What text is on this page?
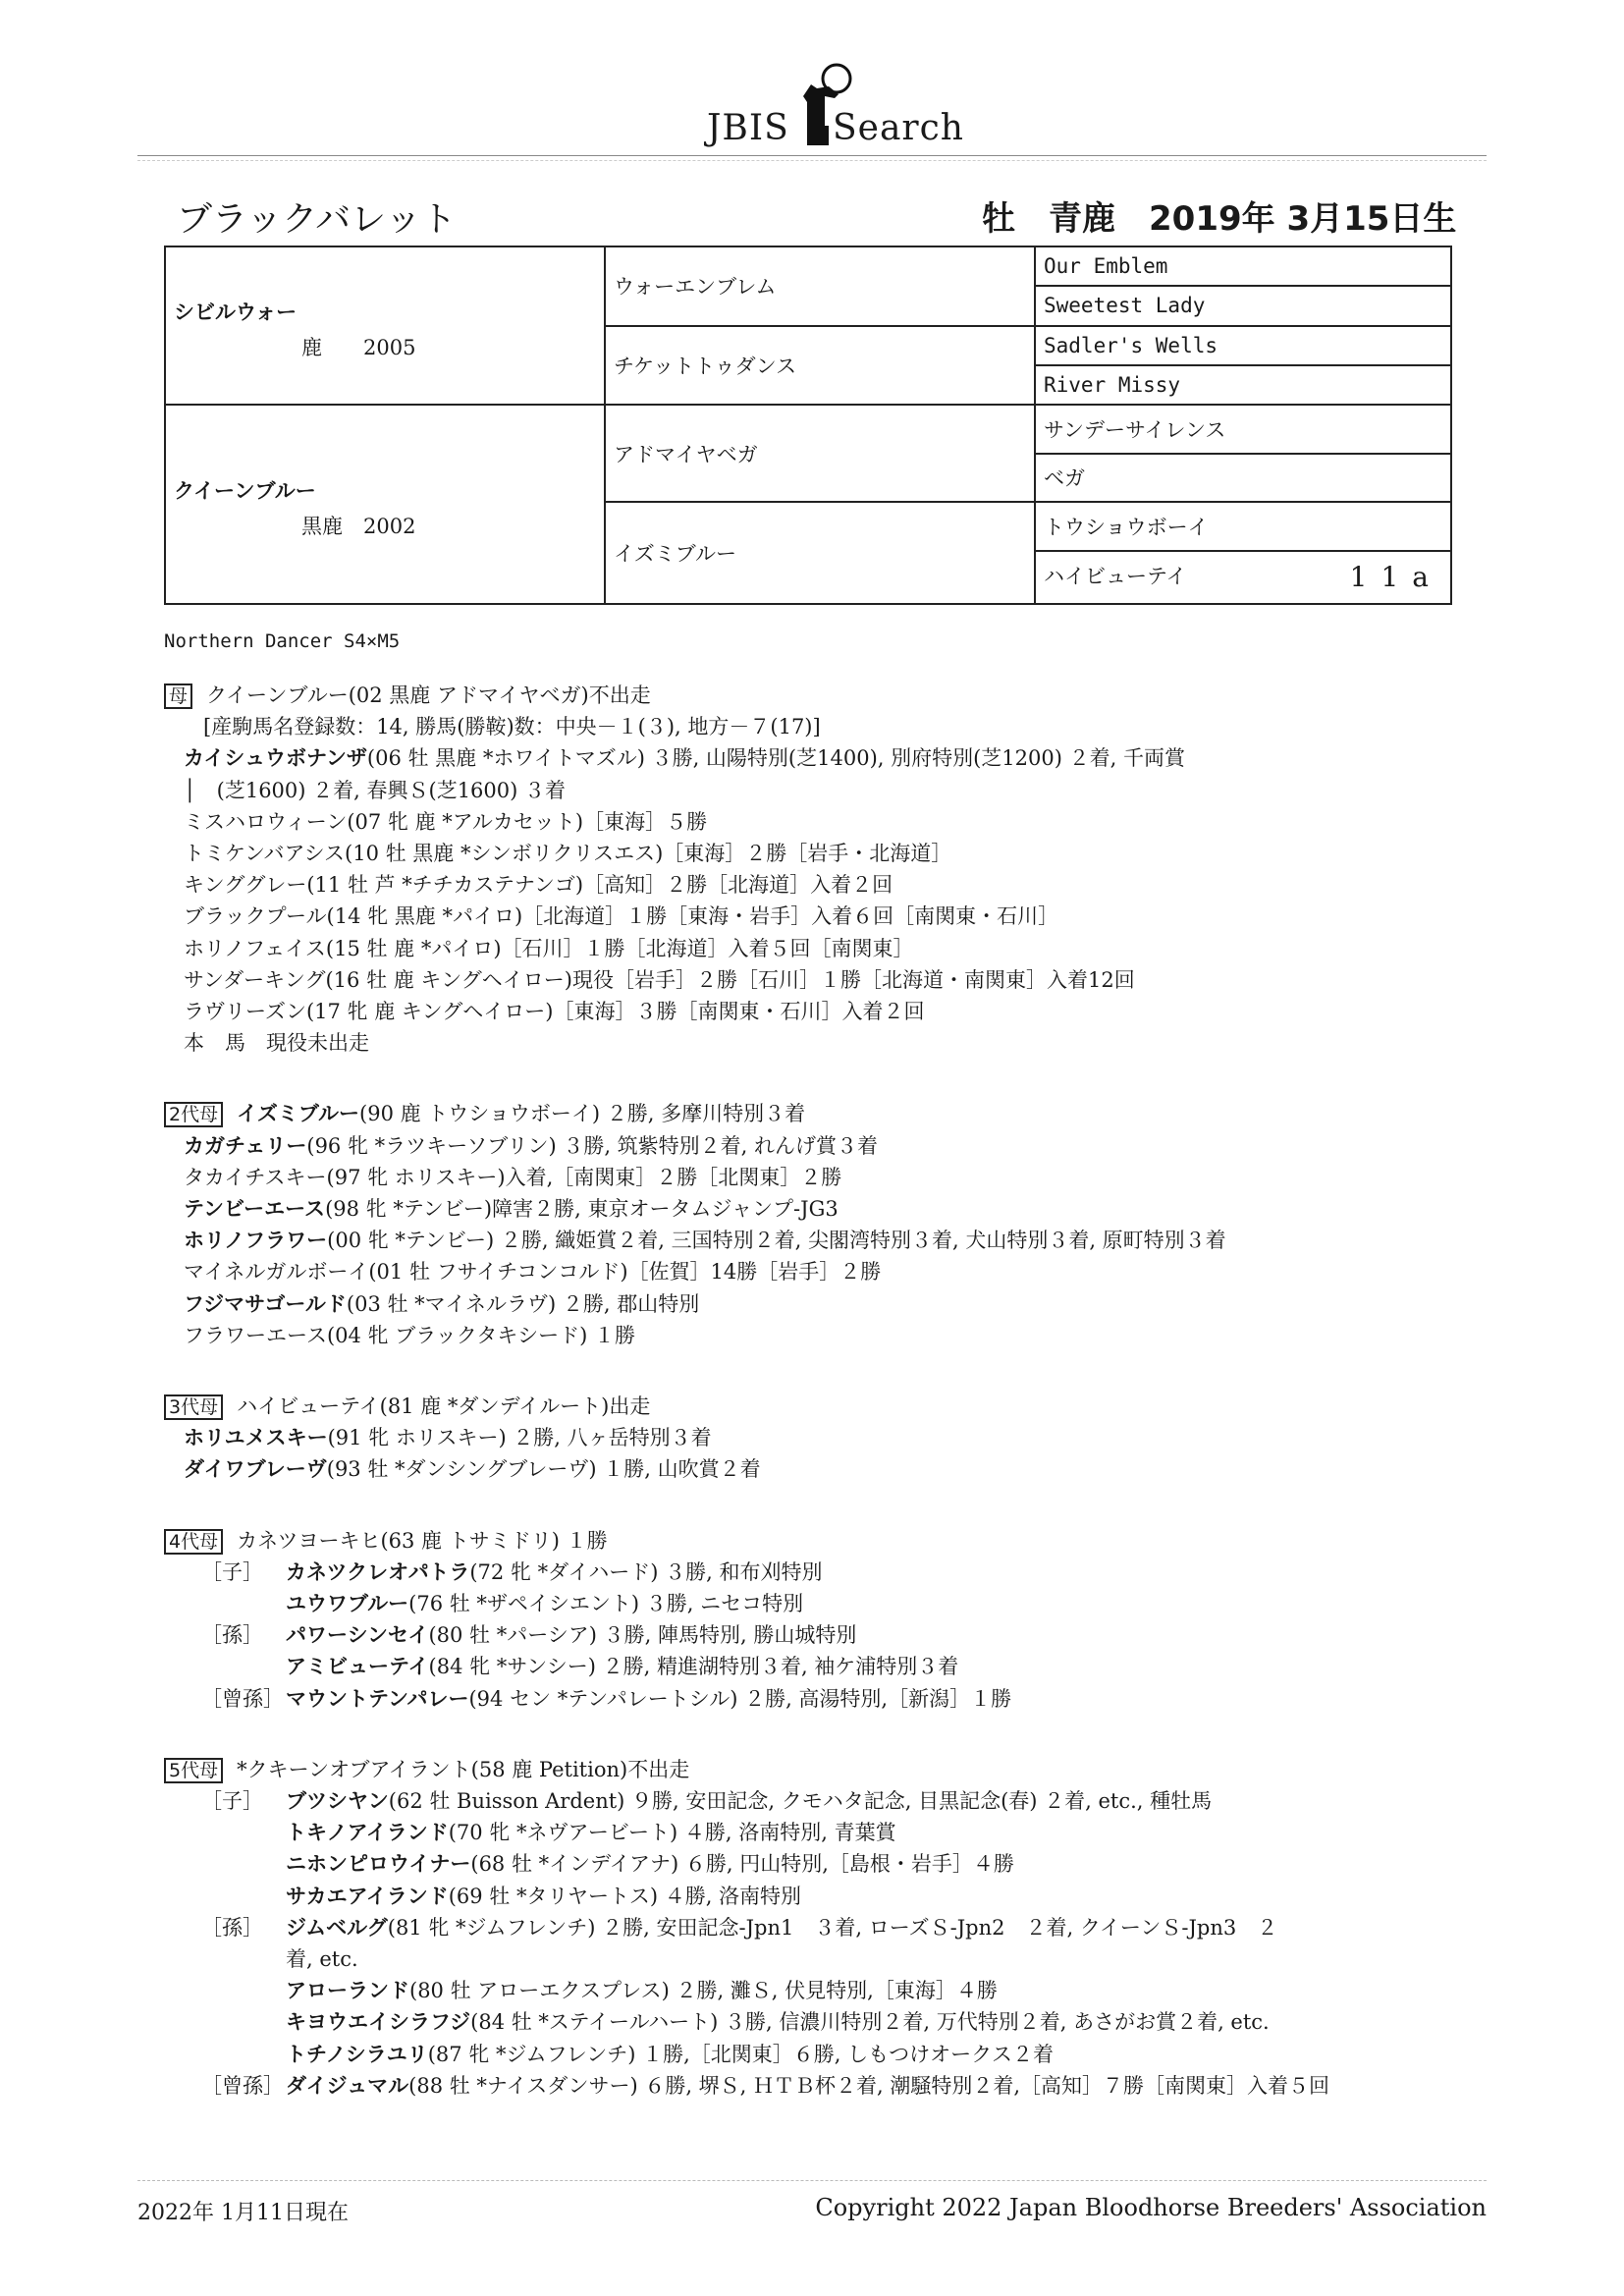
JBIS Search
ブラックバレット	牡　青鹿　2019年 3月15日生
シビルウォー
鹿　　2005	ウォーエンブレム	Our Emblem
		Sweetest Lady
	チケットトゥダンス	Sadler's Wells
		River Missy

クイーンブルー
黒鹿　2002	アドマイヤベガ	サンデーサイレンス
		ベガ
	イズミブルー	トウショウボーイ
		ハイビューテイ 11a
Northern Dancer S4×M5
母 クイーンブルー(02 黒鹿 アドマイヤベガ)不出走
[産駒馬名登録数：14, 勝馬(勝鞍)数：中央－１(３), 地方－７(17)]
カイシュウボナンザ(06 牡 黒鹿 *ホワイトマズル) ３勝, 山陽特別(芝1400), 別府特別(芝1200) ２着, 千両賞
│　(芝1600) ２着, 春興Ｓ(芝1600) ３着
ミスハロウィーン(07 牝 鹿 *アルカセット)［東海］５勝
トミケンバアシス(10 牡 黒鹿 *シンボリクリスエス)［東海］２勝［岩手・北海道］
キンググレー(11 牡 芦 *チチカステナンゴ)［高知］２勝［北海道］入着２回
ブラックプール(14 牝 黒鹿 *パイロ)［北海道］１勝［東海・岩手］入着６回［南関東・石川］
ホリノフェイス(15 牡 鹿 *パイロ)［石川］１勝［北海道］入着５回［南関東］
サンダーキング(16 牡 鹿 キングヘイロー)現役［岩手］２勝［石川］１勝［北海道・南関東］入着12回
ラヴリーズン(17 牝 鹿 キングヘイロー)［東海］３勝［南関東・石川］入着２回
本　馬　現役未出走
2代母 イズミブルー(90 鹿 トウショウボーイ) ２勝, 多摩川特別３着
カガチェリー(96 牝 *ラツキーソブリン) ３勝, 筑紫特別２着, れんげ賞３着
タカイチスキー(97 牝 ホリスキー)入着,［南関東］２勝［北関東］２勝
テンビーエース(98 牝 *テンビー)障害２勝, 東京オータムジャンプ-JG3
ホリノフラワー(00 牝 *テンビー) ２勝, 織姫賞２着, 三国特別２着, 尖閣湾特別３着, 犬山特別３着, 原町特別３着
マイネルガルボーイ(01 牡 フサイチコンコルド)［佐賀］14勝［岩手］２勝
フジマサゴールド(03 牡 *マイネルラヴ) ２勝, 郡山特別
フラワーエース(04 牝 ブラックタキシード) １勝
3代母 ハイビューテイ(81 鹿 *ダンデイルート)出走
ホリユメスキー(91 牝 ホリスキー) ２勝, 八ヶ岳特別３着
ダイワブレーヴ(93 牡 *ダンシングブレーヴ) １勝, 山吹賞２着
4代母 カネツヨーキヒ(63 鹿 トサミドリ) １勝
［子］ カネツクレオパトラ(72 牝 *ダイハード) ３勝, 和布刈特別
ユウワブルー(76 牡 *ザペイシエント) ３勝, ニセコ特別
［孫］ パワーシンセイ(80 牡 *パーシア) ３勝, 陣馬特別, 勝山城特別
アミビューテイ(84 牝 *サンシー) ２勝, 精進湖特別３着, 袖ケ浦特別３着
［曾孫］マウントテンパレー(94 セン *テンパレートシル) ２勝, 高湯特別,［新潟］１勝
5代母 *クキーンオブアイラント(58 鹿 Petition)不出走
［子］ ブツシヤン(62 牡 Buisson Ardent) ９勝, 安田記念, クモハタ記念, 目黒記念(春) ２着, etc., 種牡馬
トキノアイランド(70 牝 *ネヴアービート) ４勝, 洛南特別, 青葉賞
ニホンピロウイナー(68 牡 *インデイアナ) ６勝, 円山特別,［島根・岩手］４勝
サカエアイランド(69 牡 *タリヤートス) ４勝, 洛南特別
［孫］ ジムベルグ(81 牝 *ジムフレンチ) ２勝, 安田記念-Jpn1　３着, ローズＳ-Jpn2　２着, クイーンＳ-Jpn3　２
着, etc.
アローランド(80 牡 アローエクスプレス) ２勝, 灘Ｓ, 伏見特別,［東海］４勝
キヨウエイシラフジ(84 牡 *ステイールハート) ３勝, 信濃川特別２着, 万代特別２着, あさがお賞２着, etc.
トチノシラユリ(87 牝 *ジムフレンチ) １勝,［北関東］６勝, しもつけオークス２着
［曾孫］ダイジュマル(88 牡 *ナイスダンサー) ６勝, 堺Ｓ, ＨＴＢ杯２着, 潮騒特別２着,［高知］７勝［南関東］入着５回
2022年 1月11日現在	Copyright 2022 Japan Bloodhorse Breeders' Association
